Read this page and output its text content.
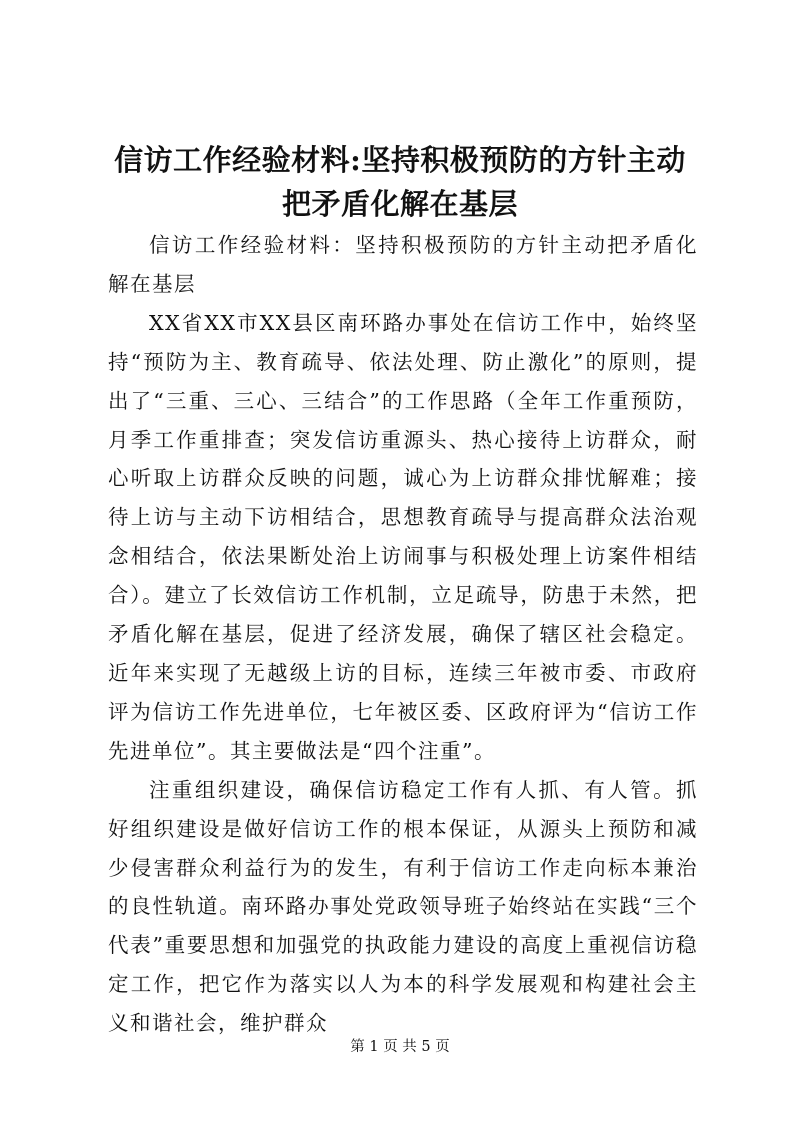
信访工作经验材料:坚持积极预防的方针主动
把矛盾化解在基层

信访工作经验材料：坚持积极预防的方针主动把矛盾化解在基层

XX省XX市XX县区南环路办事处在信访工作中，始终坚持“预防为主、教育疏导、依法处理、防止激化”的原则，提出了“三重、三心、三结合”的工作思路（全年工作重预防，月季工作重排查；突发信访重源头、热心接待上访群众，耐心听取上访群众反映的问题，诚心为上访群众排忧解难；接待上访与主动下访相结合，思想教育疏导与提高群众法治观念相结合，依法果断处治上访闹事与积极处理上访案件相结合）。建立了长效信访工作机制，立足疏导，防患于未然，把矛盾化解在基层，促进了经济发展，确保了辖区社会稳定。近年来实现了无越级上访的目标，连续三年被市委、市政府评为信访工作先进单位，七年被区委、区政府评为“信访工作先进单位”。其主要做法是“四个注重”。

注重组织建设，确保信访稳定工作有人抓、有人管。抓好组织建设是做好信访工作的根本保证，从源头上预防和减少侵害群众利益行为的发生，有利于信访工作走向标本兼治的良性轨道。南环路办事处党政领导班子始终站在实践“三个代表”重要思想和加强党的执政能力建设的高度上重视信访稳定工作，把它作为落实以人为本的科学发展观和构建社会主义和谐社会，维护群众

第 1 页 共 5 页
